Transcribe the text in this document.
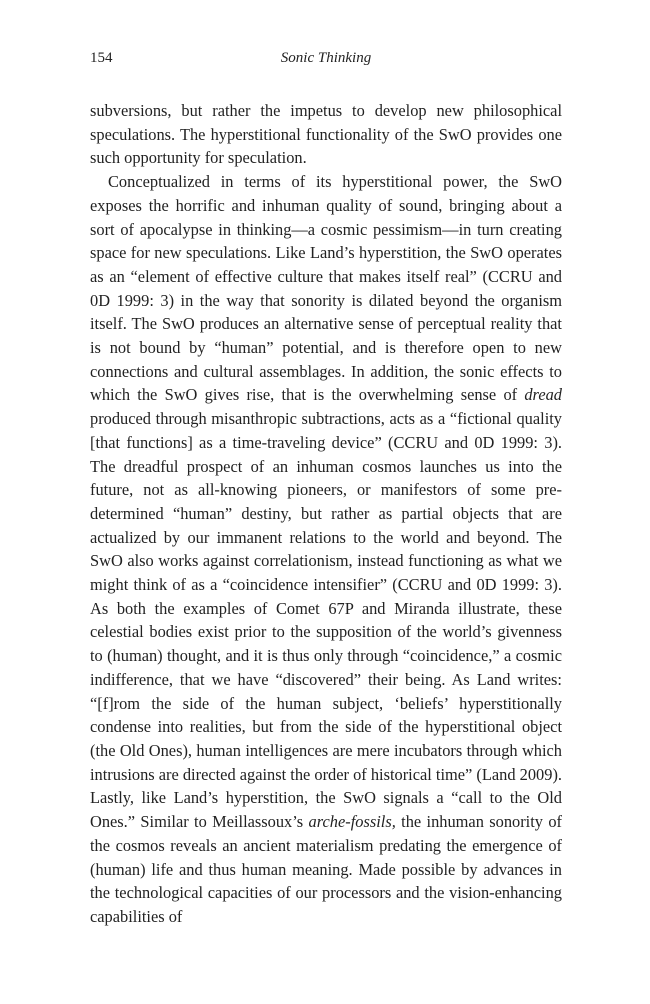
154	Sonic Thinking

subversions, but rather the impetus to develop new philosophical speculations. The hyperstitional functionality of the SwO provides one such opportunity for speculation.

Conceptualized in terms of its hyperstitional power, the SwO exposes the horrific and inhuman quality of sound, bringing about a sort of apocalypse in thinking—a cosmic pessimism—in turn creating space for new speculations. Like Land’s hyperstition, the SwO operates as an “element of effective culture that makes itself real” (CCRU and 0D 1999: 3) in the way that sonority is dilated beyond the organism itself. The SwO produces an alternative sense of perceptual reality that is not bound by “human” potential, and is therefore open to new connections and cultural assemblages. In addition, the sonic effects to which the SwO gives rise, that is the overwhelming sense of dread produced through misanthropic subtractions, acts as a “fictional quality [that functions] as a time-traveling device” (CCRU and 0D 1999: 3). The dreadful prospect of an inhuman cosmos launches us into the future, not as all-knowing pioneers, or manifestors of some pre-determined “human” destiny, but rather as partial objects that are actualized by our immanent relations to the world and beyond. The SwO also works against correlationism, instead functioning as what we might think of as a “coincidence intensifier” (CCRU and 0D 1999: 3). As both the examples of Comet 67P and Miranda illustrate, these celestial bodies exist prior to the supposition of the world’s givenness to (human) thought, and it is thus only through “coincidence,” a cosmic indifference, that we have “discovered” their being. As Land writes: “[f]rom the side of the human subject, ‘beliefs’ hyperstitionally condense into realities, but from the side of the hyperstitional object (the Old Ones), human intelligences are mere incubators through which intrusions are directed against the order of historical time” (Land 2009). Lastly, like Land’s hyperstition, the SwO signals a “call to the Old Ones.” Similar to Meillassoux’s arche-fossils, the inhuman sonority of the cosmos reveals an ancient materialism predating the emergence of (human) life and thus human meaning. Made possible by advances in the technological capacities of our processors and the vision-enhancing capabilities of
